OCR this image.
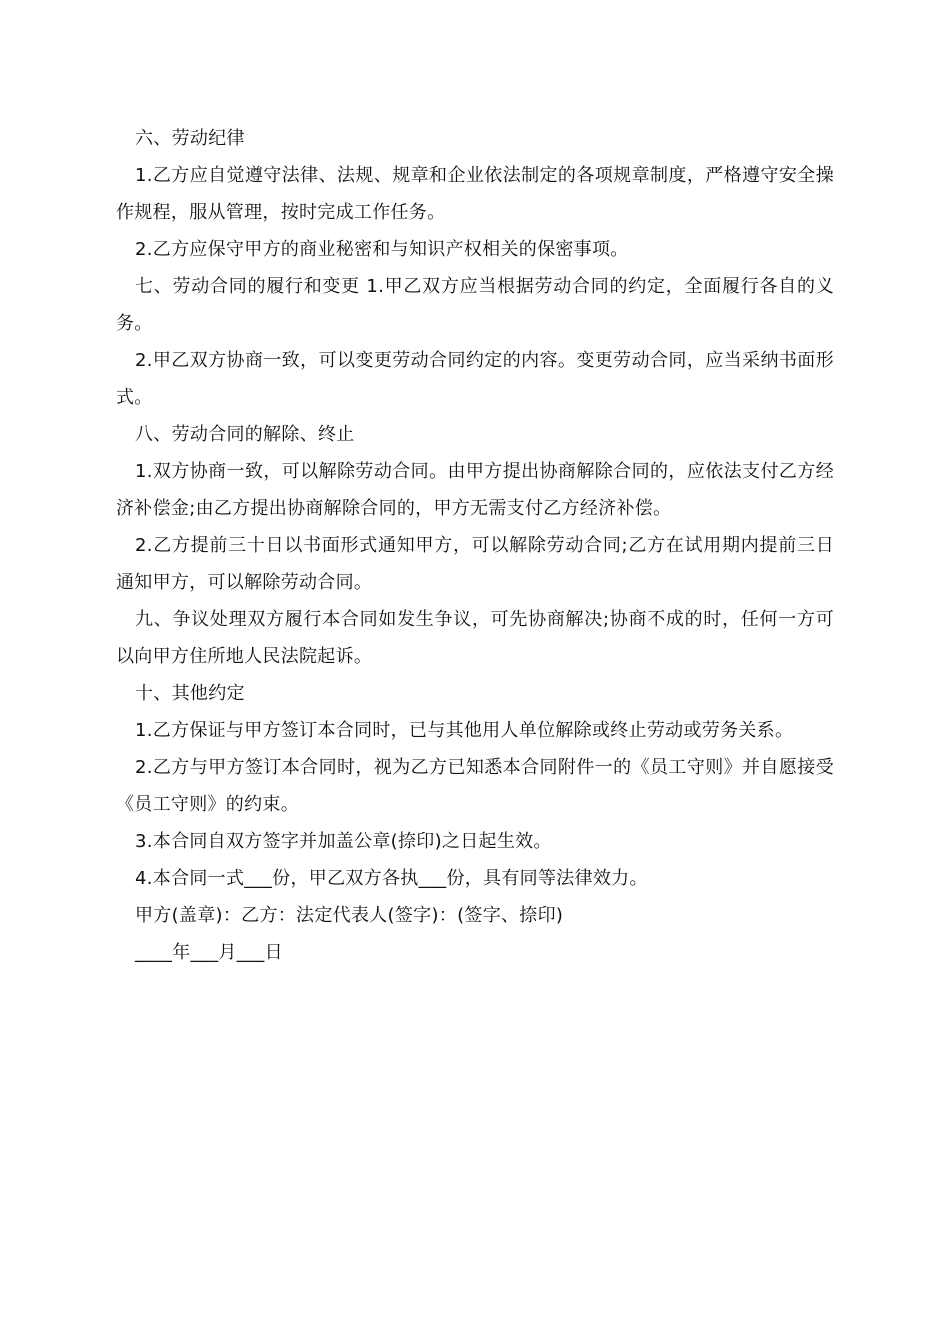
六、劳动纪律

1.乙方应自觉遵守法律、法规、规章和企业依法制定的各项规章制度，严格遵守安全操作规程，服从管理，按时完成工作任务。

2.乙方应保守甲方的商业秘密和与知识产权相关的保密事项。

七、劳动合同的履行和变更 1.甲乙双方应当根据劳动合同的约定，全面履行各自的义务。

2.甲乙双方协商一致，可以变更劳动合同约定的内容。变更劳动合同，应当采纳书面形式。

八、劳动合同的解除、终止

1.双方协商一致，可以解除劳动合同。由甲方提出协商解除合同的，应依法支付乙方经济补偿金;由乙方提出协商解除合同的，甲方无需支付乙方经济补偿。

2.乙方提前三十日以书面形式通知甲方，可以解除劳动合同;乙方在试用期内提前三日通知甲方，可以解除劳动合同。

九、争议处理双方履行本合同如发生争议，可先协商解决;协商不成的时，任何一方可以向甲方住所地人民法院起诉。

十、其他约定

1.乙方保证与甲方签订本合同时，已与其他用人单位解除或终止劳动或劳务关系。

2.乙方与甲方签订本合同时，视为乙方已知悉本合同附件一的《员工守则》并自愿接受《员工守则》的约束。

3.本合同自双方签字并加盖公章(捺印)之日起生效。

4.本合同一式___份，甲乙双方各执___份，具有同等法律效力。

甲方(盖章)：乙方：法定代表人(签字)：(签字、捺印)

____年___月___日
